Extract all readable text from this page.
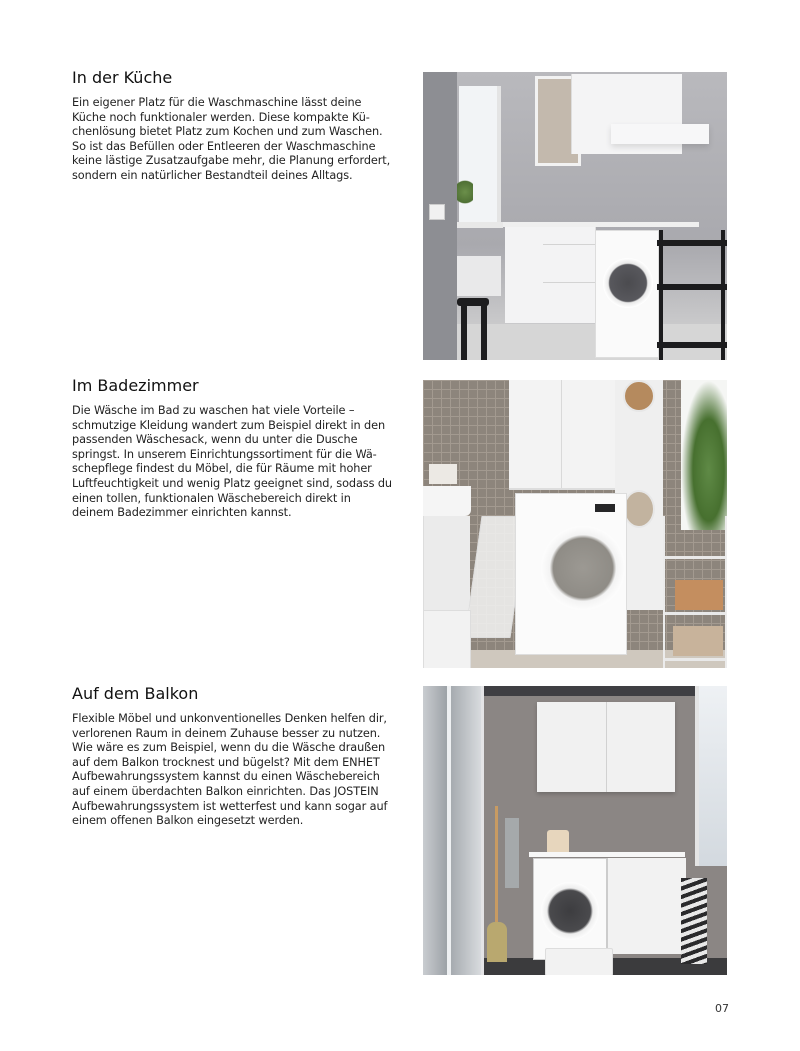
In der Küche

Ein eigener Platz für die Waschmaschine lässt deine Küche noch funktionaler werden. Diese kompakte Kü-chenlösung bietet Platz zum Kochen und zum Waschen. So ist das Befüllen oder Entleeren der Waschmaschine keine lästige Zusatzaufgabe mehr, die Planung erfordert, sondern ein natürlicher Bestandteil deines Alltags.

Im Badezimmer

Die Wäsche im Bad zu waschen hat viele Vorteile – schmutzige Kleidung wandert zum Beispiel direkt in den passenden Wäschesack, wenn du unter die Dusche springst. In unserem Einrichtungssortiment für die Wä-schepflege findest du Möbel, die für Räume mit hoher Luftfeuchtigkeit und wenig Platz geeignet sind, sodass du einen tollen, funktionalen Wäschebereich direkt in deinem Badezimmer einrichten kannst.

Auf dem Balkon

Flexible Möbel und unkonventionelles Denken helfen dir, verlorenen Raum in deinem Zuhause besser zu nutzen. Wie wäre es zum Beispiel, wenn du die Wäsche draußen auf dem Balkon trocknest und bügelst? Mit dem ENHET Aufbewahrungssystem kannst du einen Wäschebereich auf einem überdachten Balkon einrichten. Das JOSTEIN Aufbewahrungssystem ist wetterfest und kann sogar auf einem offenen Balkon eingesetzt werden.

07
